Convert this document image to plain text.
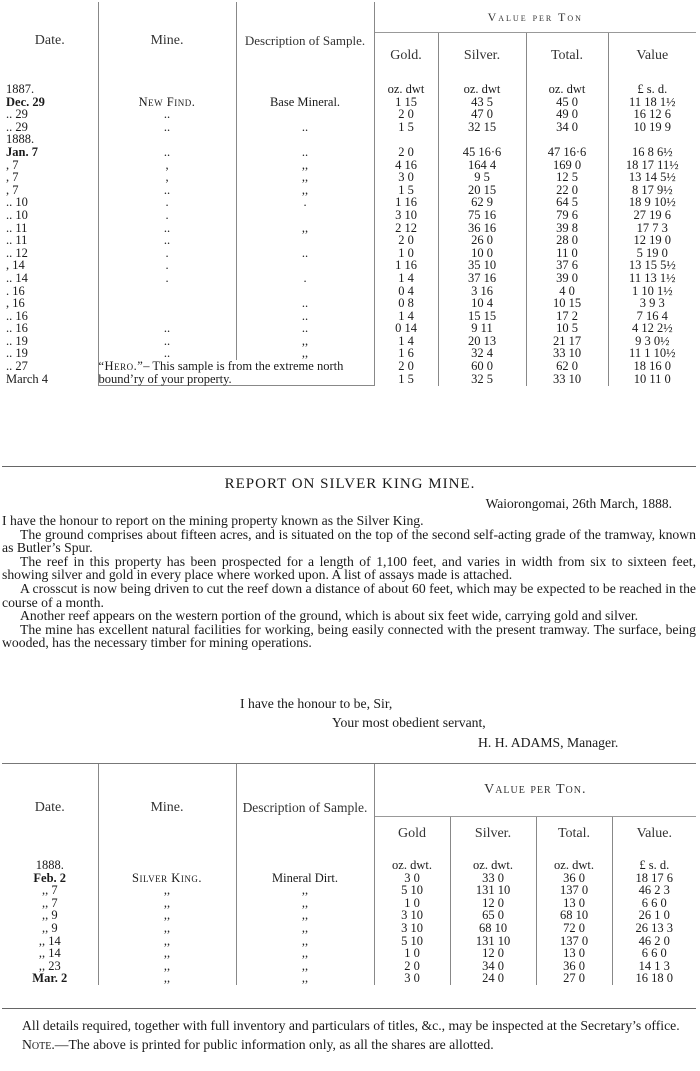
Date.	Mine.	Description of Sample.	Value per Ton			
			Gold.	Silver.	Total.	Value
1887.			oz. dwt	oz. dwt	oz. dwt	£ s. d.
Dec. 29	New Find.	Base Mineral.	1 15	43 5	45 0	11 18 1½
.. 29	..		2 0	47 0	49 0	16 12 6
.. 29	..	..	1 5	32 15	34 0	10 19 9
1888.						
Jan. 7	..	..	2 0	45 16·6	47 16·6	16 8 6½
, 7	,	,,	4 16	164 4	169 0	18 17 11½
, 7	,	,,	3 0	9 5	12 5	13 14 5½
, 7	..	,,	1 5	20 15	22 0	8 17 9½
.. 10	.	.	1 16	62 9	64 5	18 9 10½
.. 10	.		3 10	75 16	79 6	27 19 6
.. 11	..	,,	2 12	36 16	39 8	17 7 3
.. 11	..		2 0	26 0	28 0	12 19 0
.. 12	.	..	1 0	10 0	11 0	5 19 0
, 14	.		1 16	35 10	37 6	13 15 5½
.. 14	.	.	1 4	37 16	39 0	11 13 1½
. 16			0 4	3 16	4 0	1 10 1½
, 16		..	0 8	10 4	10 15	3 9 3
.. 16		..	1 4	15 15	17 2	7 16 4
.. 16	..	..	0 14	9 11	10 5	4 12 2½
.. 19	..	,,	1 4	20 13	21 17	9 3 0½
.. 19	..	,,	1 6	32 4	33 10	11 1 10½
.. 27	“Hero.”– This sample is from the extreme north bound’ry of your property.		2 0	60 0	62 0	18 16 0
March 4			1 5	32 5	33 10	10 11 0
REPORT ON SILVER KING MINE.
Waiorongomai, 26th March, 1888.

I have the honour to report on the mining property known as the Silver King.

The ground comprises about fifteen acres, and is situated on the top of the second self-acting grade of the tramway, known as Butler’s Spur.

The reef in this property has been prospected for a length of 1,100 feet, and varies in width from six to sixteen feet, showing silver and gold in every place where worked upon. A list of assays made is attached.

A crosscut is now being driven to cut the reef down a distance of about 60 feet, which may be expected to be reached in the course of a month.

Another reef appears on the western portion of the ground, which is about six feet wide, carrying gold and silver.

The mine has excellent natural facilities for working, being easily connected with the present tramway. The surface, being wooded, has the necessary timber for mining operations.

I have the honour to be, Sir,
Your most obedient servant,
H. H. ADAMS, Manager.
Date.	Mine.	Description of Sample.	Value per Ton.			
			Gold	Silver.	Total.	Value.
1888.			oz. dwt.	oz. dwt.	oz. dwt.	£ s. d.
Feb. 2	Silver King.	Mineral Dirt.	3 0	33 0	36 0	18 17 6
,, 7	,,	,,	5 10	131 10	137 0	46 2 3
,, 7	,,	,,	1 0	12 0	13 0	6 6 0
,, 9	,,	,,	3 10	65 0	68 10	26 1 0
,, 9	,,	,,	3 10	68 10	72 0	26 13 3
,, 14	,,	,,	5 10	131 10	137 0	46 2 0
,, 14	,,	,,	1 0	12 0	13 0	6 6 0
,, 23	,,	,,	2 0	34 0	36 0	14 1 3
Mar. 2	,,	,,	3 0	24 0	27 0	16 18 0

All details required, together with full inventory and particulars of titles, &c., may be inspected at the Secretary’s office.

Note.—The above is printed for public information only, as all the shares are allotted.
